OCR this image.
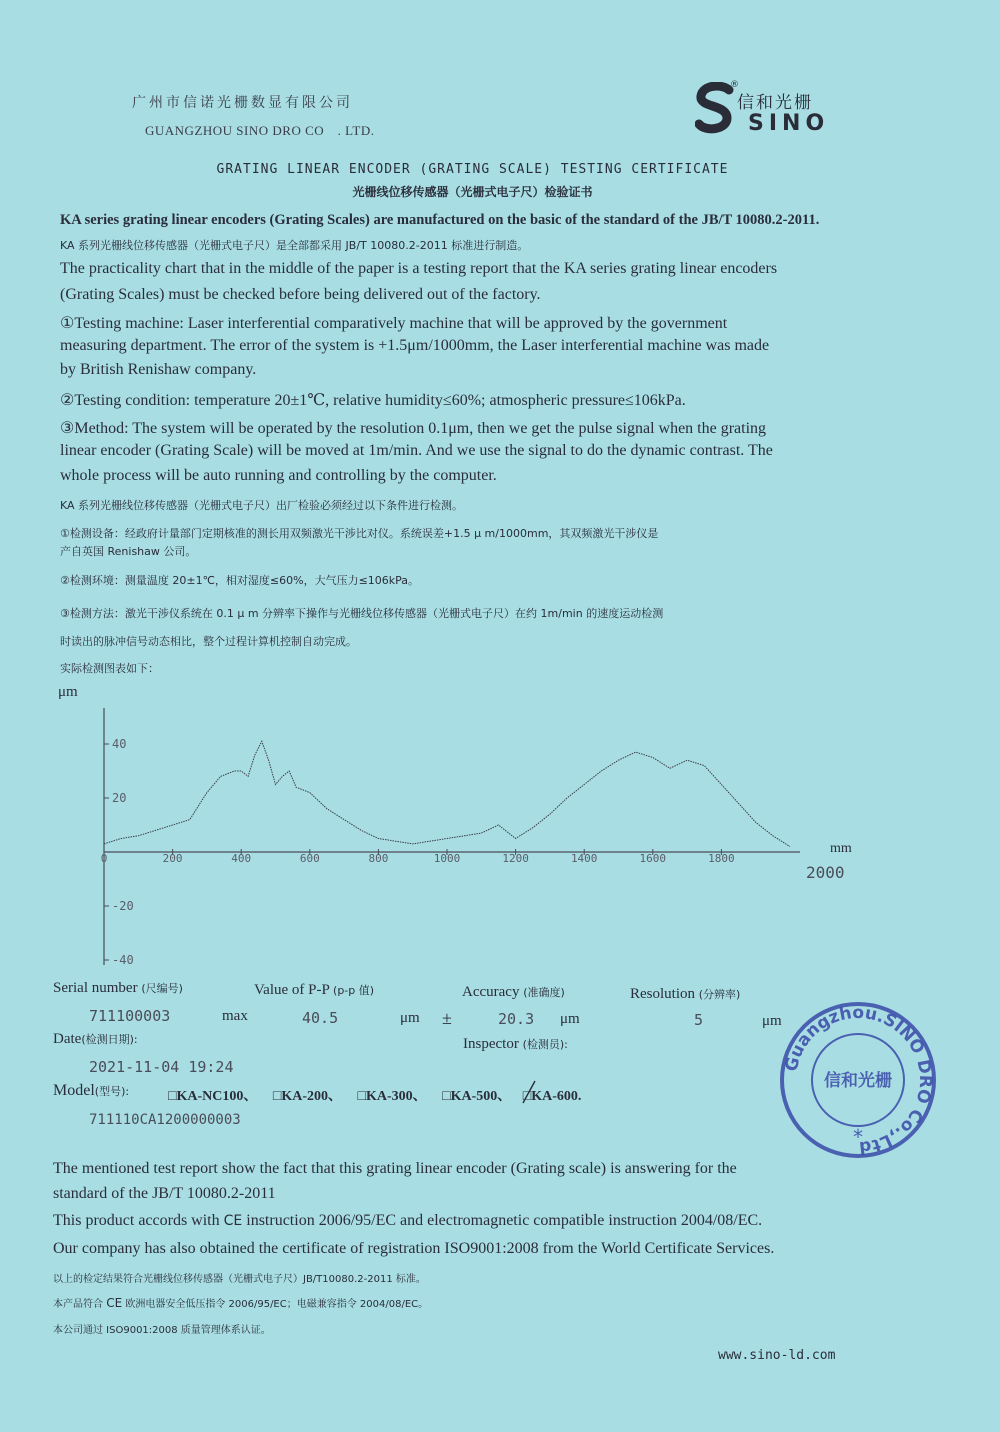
广州市信诺光栅数显有限公司
GUANGZHOU SINO DRO CO　. LTD.
®
信和光栅
SINO
GRATING LINEAR ENCODER (GRATING SCALE) TESTING CERTIFICATE
光栅线位移传感器（光栅式电子尺）检验证书
KA series grating linear encoders (Grating Scales) are manufactured on the basic of the standard of the JB/T 10080.2-2011.
KA 系列光栅线位移传感器（光栅式电子尺）是全部都采用 JB/T 10080.2-2011 标准进行制造。
The practicality chart that in the middle of the paper is a testing report that the KA series grating linear encoders
(Grating Scales) must be checked before being delivered out of the factory.
①Testing machine: Laser interferential comparatively machine that will be approved by the government
measuring department. The error of the system is +1.5μm/1000mm, the Laser interferential machine was made
by British Renishaw company.
②Testing condition: temperature 20±1℃, relative humidity≤60%; atmospheric pressure≤106kPa.
③Method: The system will be operated by the resolution 0.1μm, then we get the pulse signal when the grating
linear encoder (Grating Scale) will be moved at 1m/min. And we use the signal to do the dynamic contrast. The
whole process will be auto running and controlling by the computer.
KA 系列光栅线位移传感器（光栅式电子尺）出厂检验必须经过以下条件进行检测。
①检测设备：经政府计量部门定期核准的测长用双频激光干涉比对仪。系统误差+1.5 μ m/1000mm，其双频激光干涉仪是
产自英国 Renishaw 公司。
②检测环境：测量温度 20±1℃，相对湿度≤60%，大气压力≤106kPa。
③检测方法：激光干涉仪系统在 0.1 μ m 分辨率下操作与光栅线位移传感器（光栅式电子尺）在约 1m/min 的速度运动检测
时读出的脉冲信号动态相比，整个过程计算机控制自动完成。
实际检测图表如下：
μm
40
20
-20
-40
0	200	400	600	800	1000	1200	1400	1600	1800
mm
2000
Serial number (尺编号)	Value of P-P (p-p 值)	Accuracy (准确度)	Resolution (分辨率)
711100003	max	40.5	μm ±	20.3 μm	5	μm
Date(检测日期):	Inspector (检测员):
2021-11-04 19:24
Model(型号):	□KA-NC100、 □KA-200、 □KA-300、 □KA-500、 □KA-600.
711110CA1200000003
Guangzhou.SINO DRO Co.,Ltd
信和光栅
*
The mentioned test report show the fact that this grating linear encoder (Grating scale) is answering for the
standard of the JB/T 10080.2-2011
This product accords with CE instruction 2006/95/EC and electromagnetic compatible instruction 2004/08/EC.
Our company has also obtained the certificate of registration ISO9001:2008 from the World Certificate Services.
以上的检定结果符合光栅线位移传感器（光栅式电子尺）JB/T10080.2-2011 标准。
本产品符合 CE 欧洲电器安全低压指令 2006/95/EC；电磁兼容指令 2004/08/EC。
本公司通过 ISO9001:2008 质量管理体系认证。
www.sino-ld.com
